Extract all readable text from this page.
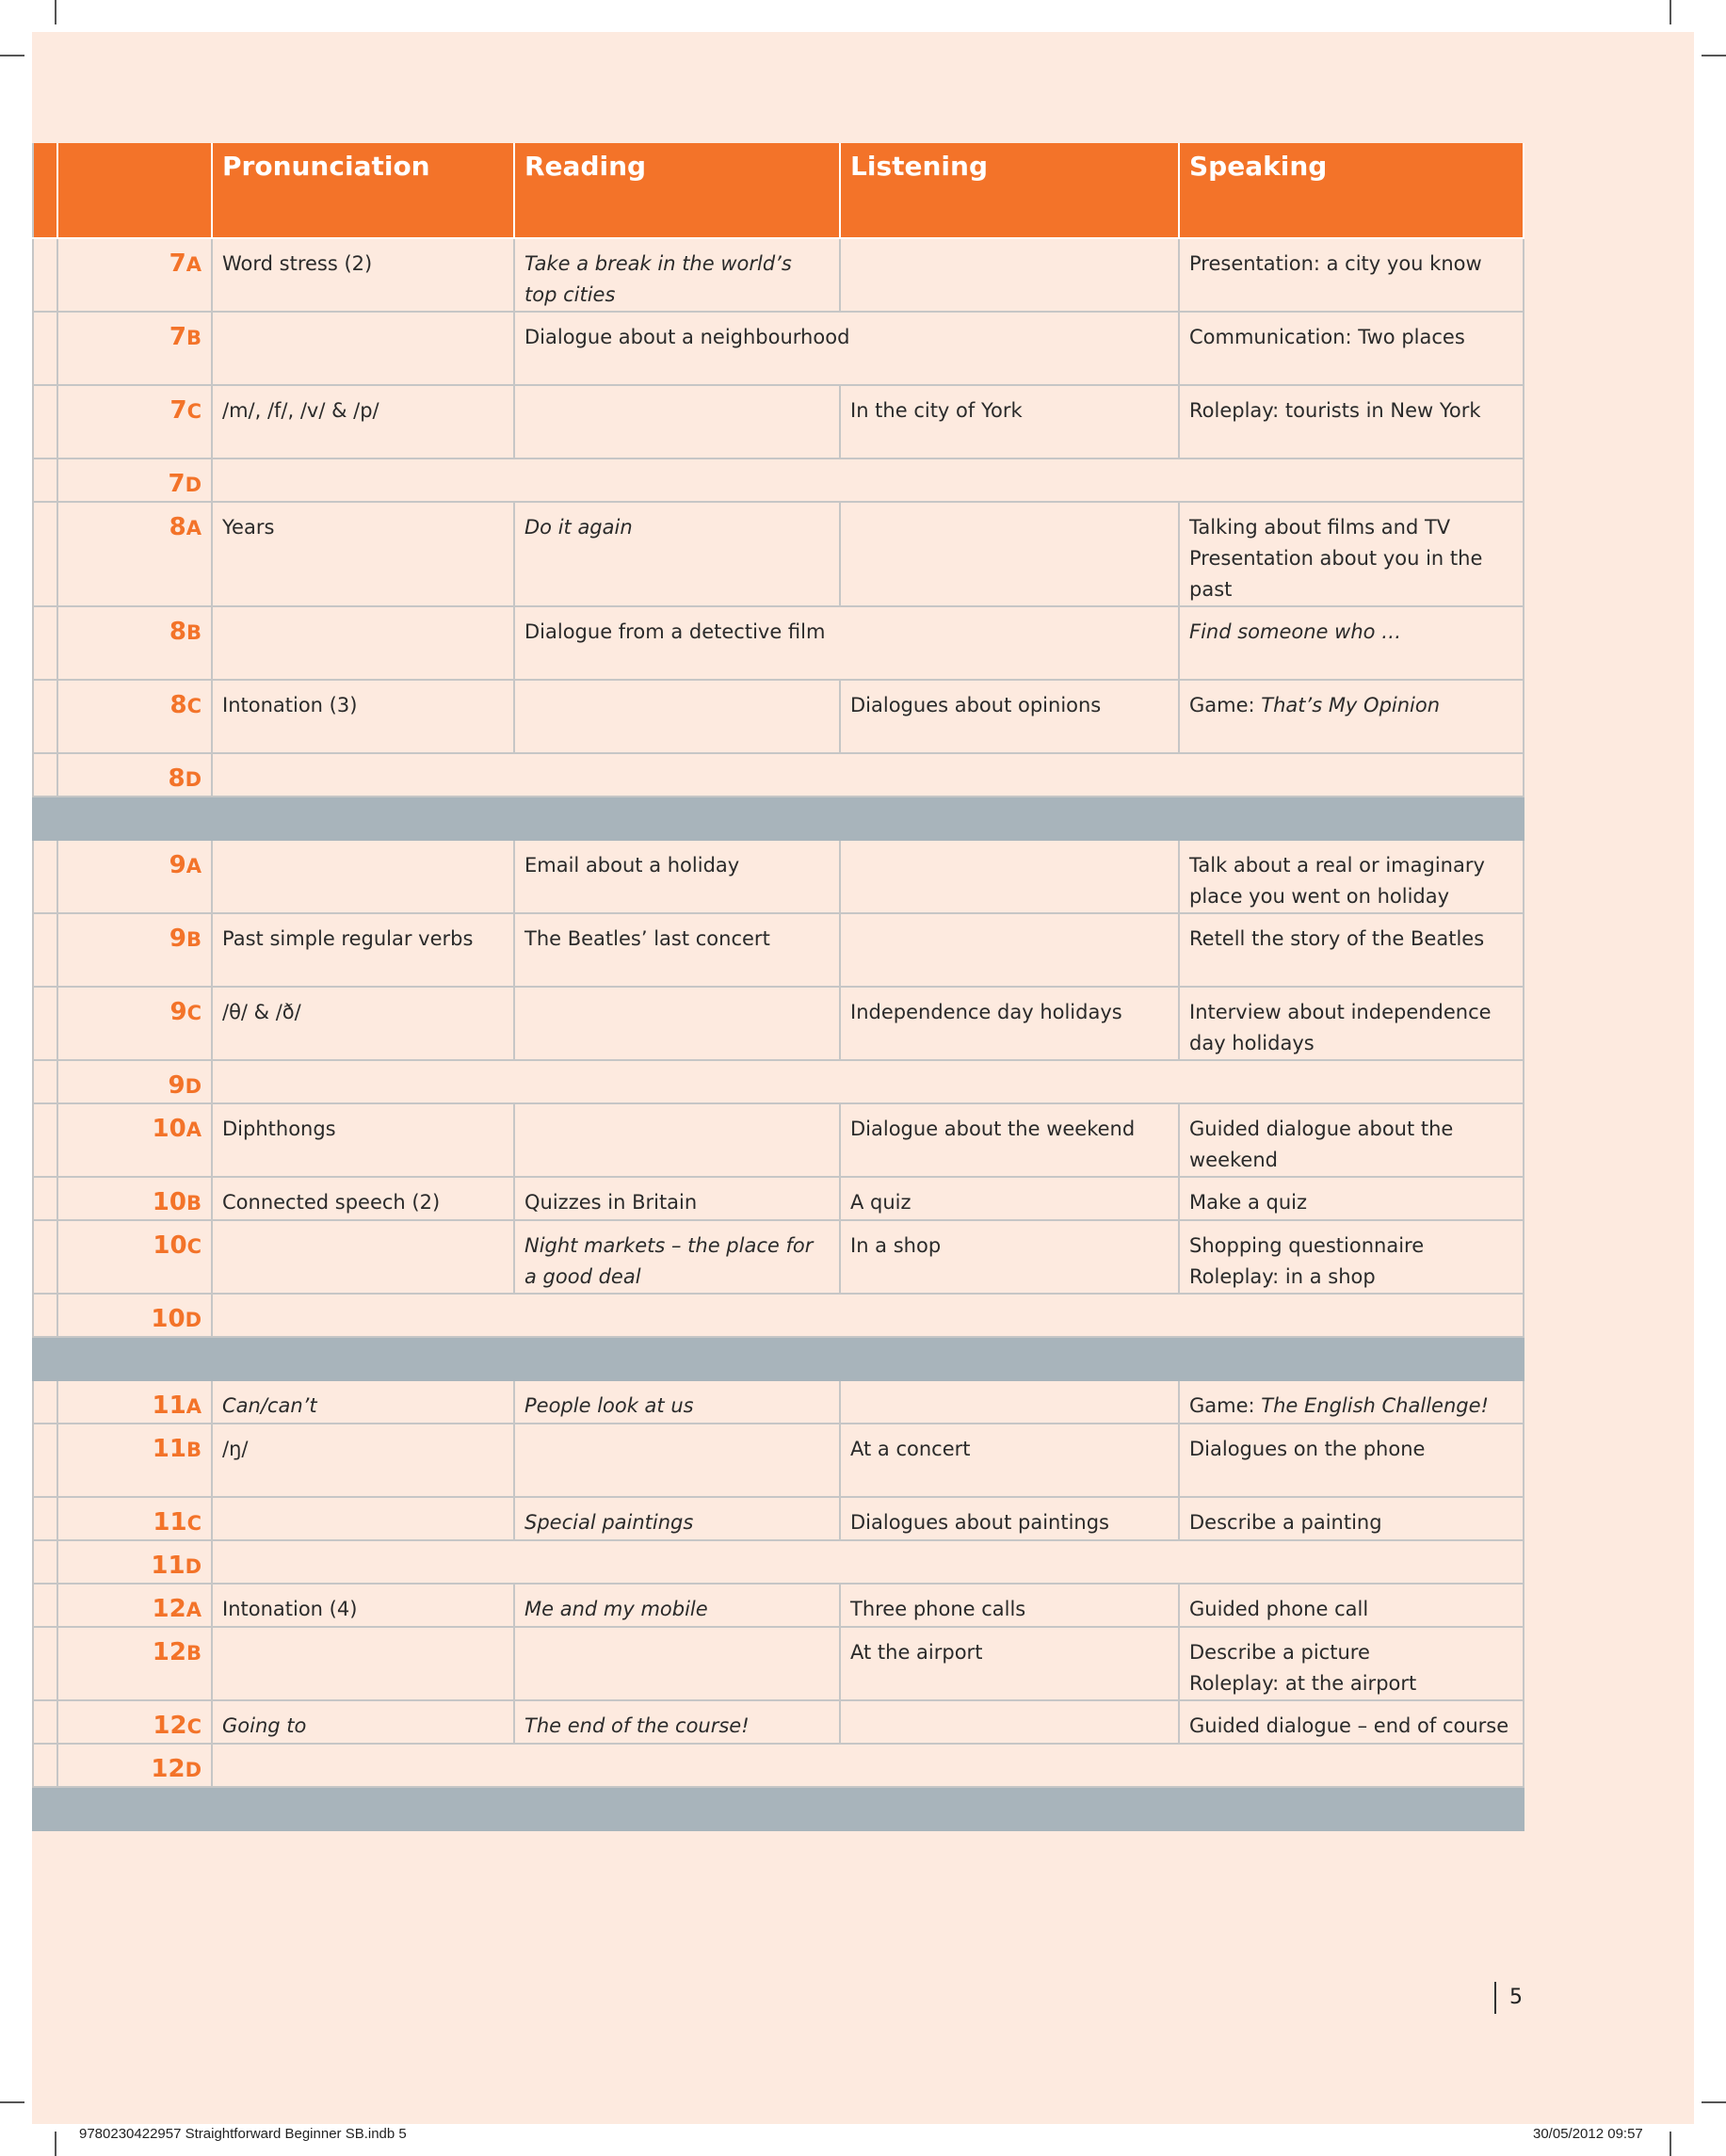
		Pronunciation	Reading	Listening	Speaking
	7A	Word stress (2)	Take a break in the world’s top cities		Presentation: a city you know
	7B		Dialogue about a neighbourhood		Communication: Two places
	7C	/m/, /f/, /v/ & /p/		In the city of York	Roleplay: tourists in New York
	7D				
	8A	Years	Do it again		Talking about films and TV
Presentation about you in the past
	8B		Dialogue from a detective film		Find someone who …
	8C	Intonation (3)		Dialogues about opinions	Game: That’s My Opinion
	8D				

	9A		Email about a holiday		Talk about a real or imaginary place you went on holiday
	9B	Past simple regular verbs	The Beatles’ last concert		Retell the story of the Beatles
	9C	/θ/ & /ð/		Independence day holidays	Interview about independence day holidays
	9D				
	10A	Diphthongs		Dialogue about the weekend	Guided dialogue about the weekend
	10B	Connected speech (2)	Quizzes in Britain	A quiz	Make a quiz
	10C		Night markets – the place for a good deal	In a shop	Shopping questionnaire
Roleplay: in a shop
	10D				

	11A	Can/can’t	People look at us		Game: The English Challenge!
	11B	/ŋ/		At a concert	Dialogues on the phone
	11C		Special paintings	Dialogues about paintings	Describe a painting
	11D				
	12A	Intonation (4)	Me and my mobile	Three phone calls	Guided phone call
	12B			At the airport	Describe a picture
Roleplay: at the airport
	12C	Going to	The end of the course!		Guided dialogue – end of course
	12D				

5
9780230422957 Straightforward Beginner SB.indb 5	30/05/2012 09:57
